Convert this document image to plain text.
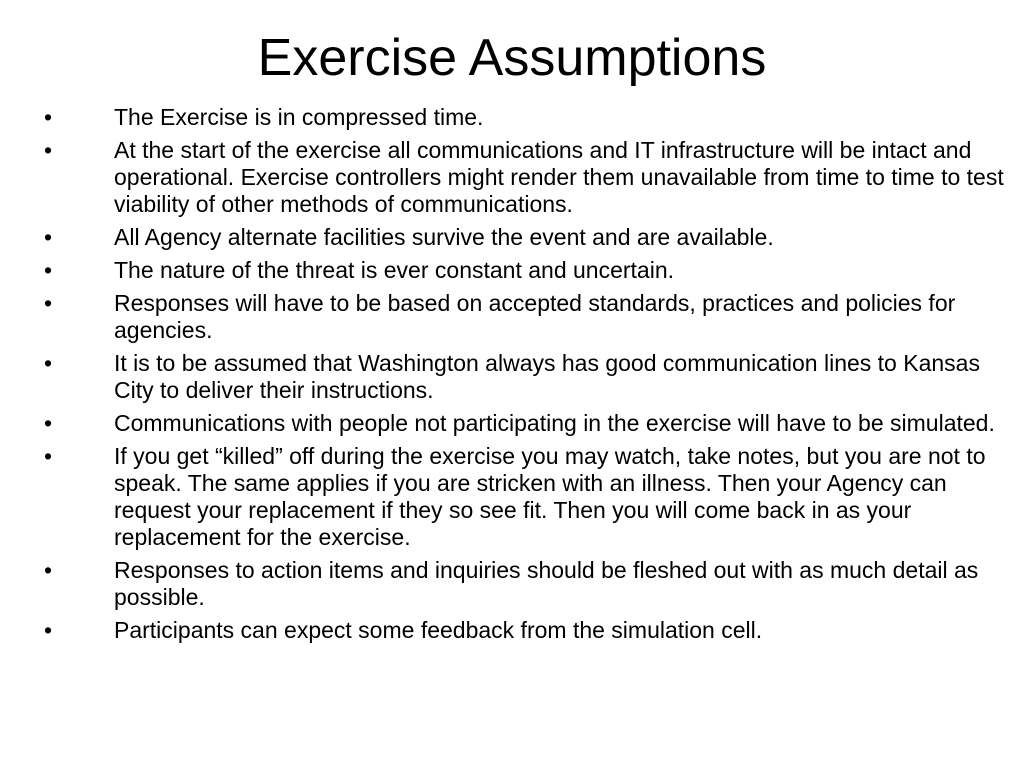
Exercise Assumptions
•	The Exercise is in compressed time.
•	At the start of the exercise all communications and IT infrastructure will be intact and operational. Exercise controllers might render them unavailable from time to time to test viability of other methods of communications.
•	All Agency alternate facilities survive the event and are available.
•	The nature of the threat is ever constant and uncertain.
•	Responses will have to be based on accepted standards, practices and policies for agencies.
•	It is to be assumed that Washington always has good communication lines to Kansas City to deliver their instructions.
•	Communications with people not participating in the exercise will have to be simulated.
•	If you get “killed” off during the exercise you may watch, take notes, but you are not to speak. The same applies if you are stricken with an illness. Then your Agency can request your replacement if they so see fit. Then you will come back in as your replacement for the exercise.
•	Responses to action items and inquiries should be fleshed out with as much detail as possible.
•	Participants can expect some feedback from the simulation cell.
